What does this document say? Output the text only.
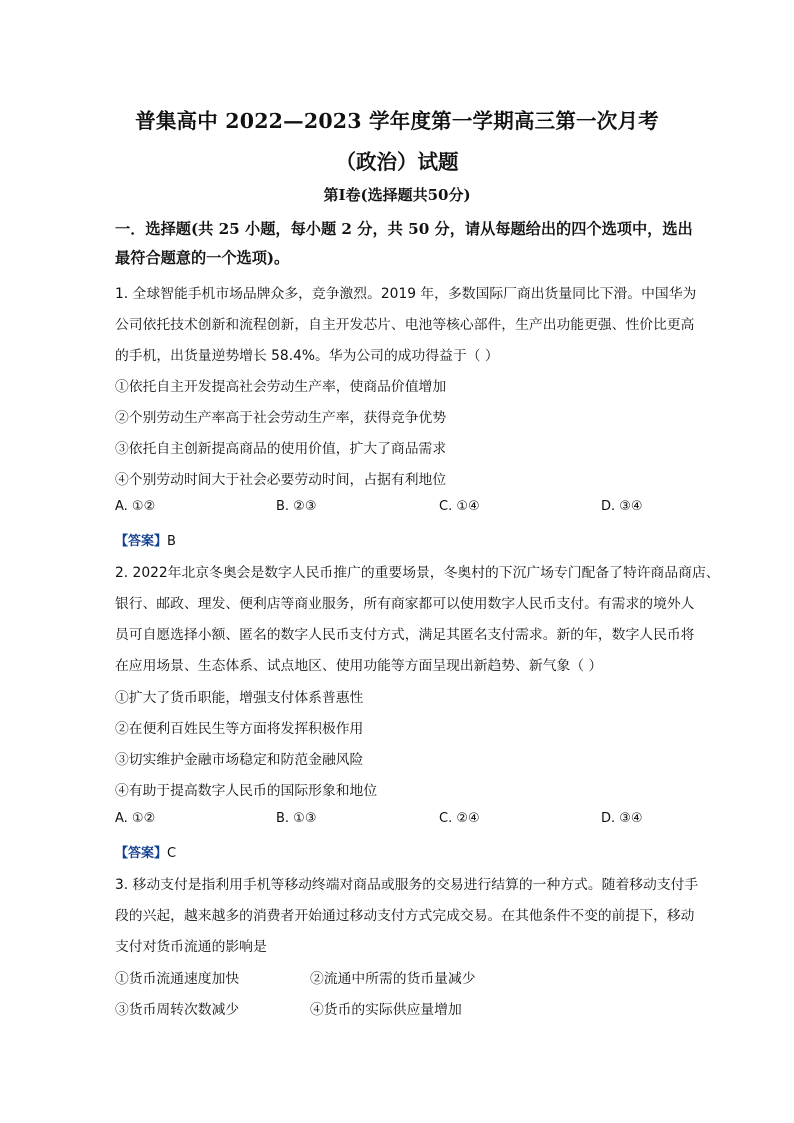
普集高中 2022—2023 学年度第一学期高三第一次月考
（政治）试题
第Ⅰ卷(选择题共50分)
一．选择题(共 25 小题，每小题 2 分，共 50 分，请从每题给出的四个选项中，选出
最符合题意的一个选项)。
1. 全球智能手机市场品牌众多，竞争激烈。2019 年，多数国际厂商出货量同比下滑。中国华为
公司依托技术创新和流程创新，自主开发芯片、电池等核心部件，生产出功能更强、性价比更高
的手机，出货量逆势增长 58.4%。华为公司的成功得益于（ ）
①依托自主开发提高社会劳动生产率，使商品价值增加
②个别劳动生产率高于社会劳动生产率，获得竞争优势
③依托自主创新提高商品的使用价值，扩大了商品需求
④个别劳动时间大于社会必要劳动时间，占据有利地位
A. ①②	B. ②③	C. ①④	D. ③④
【答案】B
2. 2022年北京冬奥会是数字人民币推广的重要场景，冬奥村的下沉广场专门配备了特许商品商店、
银行、邮政、理发、便利店等商业服务，所有商家都可以使用数字人民币支付。有需求的境外人
员可自愿选择小额、匿名的数字人民币支付方式，满足其匿名支付需求。新的年，数字人民币将
在应用场景、生态体系、试点地区、使用功能等方面呈现出新趋势、新气象（ ）
①扩大了货币职能，增强支付体系普惠性
②在便利百姓民生等方面将发挥积极作用
③切实维护金融市场稳定和防范金融风险
④有助于提高数字人民币的国际形象和地位
A. ①②	B. ①③	C. ②④	D. ③④
【答案】C
3. 移动支付是指利用手机等移动终端对商品或服务的交易进行结算的一种方式。随着移动支付手
段的兴起，越来越多的消费者开始通过移动支付方式完成交易。在其他条件不变的前提下，移动
支付对货币流通的影响是
①货币流通速度加快	②流通中所需的货币量减少
③货币周转次数减少	④货币的实际供应量增加
